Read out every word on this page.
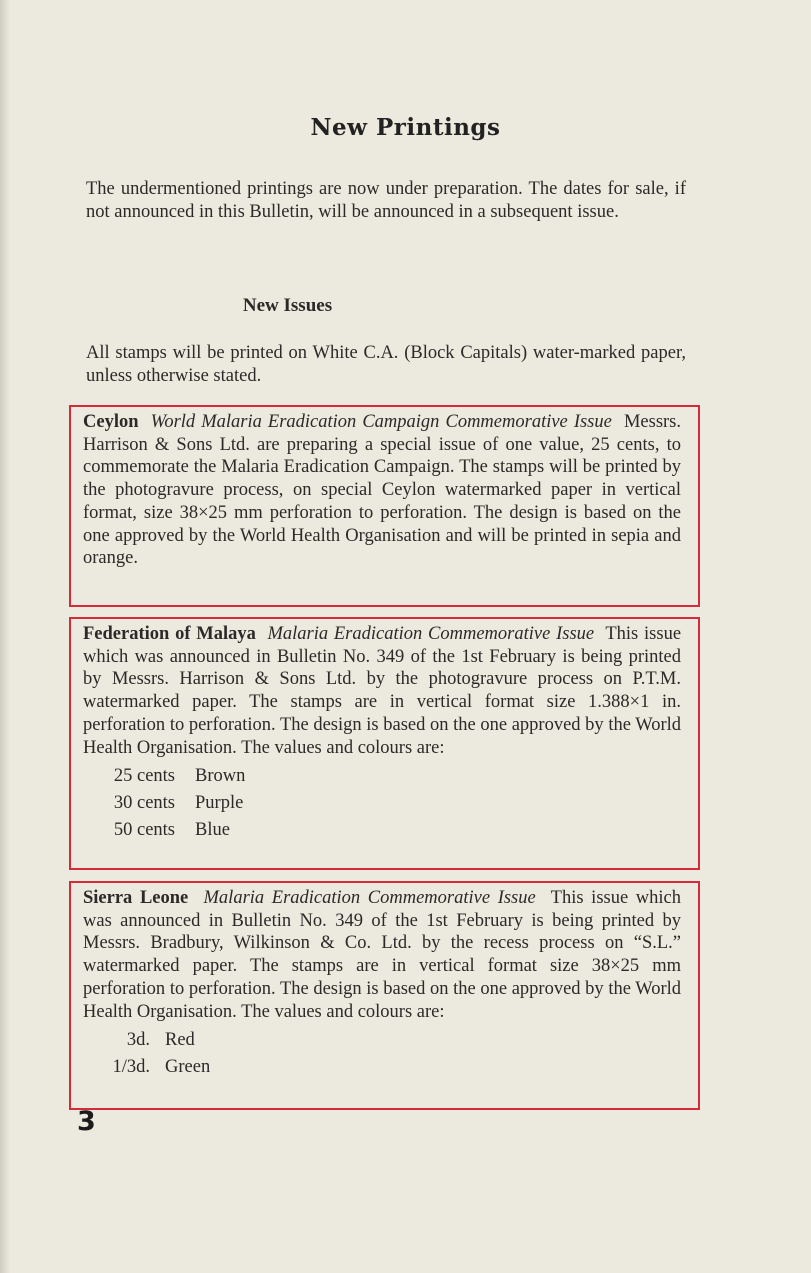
New Printings
The undermentioned printings are now under preparation. The dates for sale, if not announced in this Bulletin, will be announced in a subsequent issue.
New Issues
All stamps will be printed on White C.A. (Block Capitals) water-marked paper, unless otherwise stated.

Ceylon World Malaria Eradication Campaign Commemorative Issue Messrs. Harrison & Sons Ltd. are preparing a special issue of one value, 25 cents, to commemorate the Malaria Eradication Campaign. The stamps will be printed by the photogravure process, on special Ceylon watermarked paper in vertical format, size 38×25 mm perforation to perforation. The design is based on the one approved by the World Health Organisation and will be printed in sepia and orange.

Federation of Malaya Malaria Eradication Commemorative Issue This issue which was announced in Bulletin No. 349 of the 1st February is being printed by Messrs. Harrison & Sons Ltd. by the photogravure process on P.T.M. watermarked paper. The stamps are in vertical format size 1.388×1 in. perforation to perforation. The design is based on the one approved by the World Health Organisation. The values and colours are:

25 cents Brown
30 cents Purple
50 cents Blue

Sierra Leone Malaria Eradication Commemorative Issue This issue which was announced in Bulletin No. 349 of the 1st February is being printed by Messrs. Bradbury, Wilkinson & Co. Ltd. by the recess process on “S.L.” watermarked paper. The stamps are in vertical format size 38×25 mm perforation to perforation. The design is based on the one approved by the World Health Organisation. The values and colours are:

3d. Red
1/3d. Green
3
